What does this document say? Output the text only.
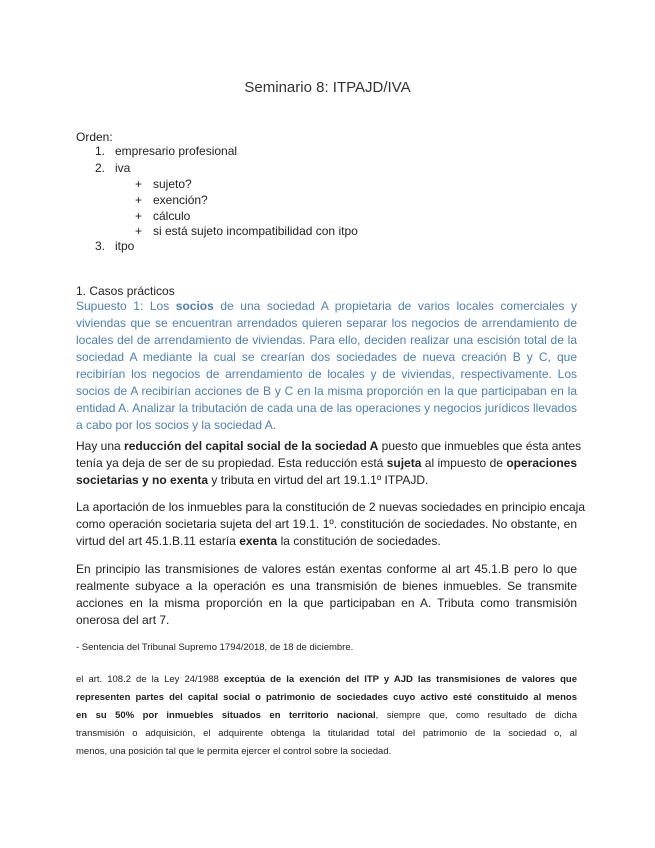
Seminario 8: ITPAJD/IVA
Orden:
1. empresario profesional
2. iva
+ sujeto?
+ exención?
+ cálculo
+ si está sujeto incompatibilidad con itpo
3. itpo
1. Casos prácticos
Supuesto 1: Los socios de una sociedad A propietaria de varios locales comerciales y
viviendas que se encuentran arrendados quieren separar los negocios de arrendamiento de
locales del de arrendamiento de viviendas. Para ello, deciden realizar una escisión total de la
sociedad A mediante la cual se crearían dos sociedades de nueva creación B y C, que
recibirían los negocios de arrendamiento de locales y de viviendas, respectivamente. Los
socios de A recibirían acciones de B y C en la misma proporción en la que participaban en la
entidad A. Analizar la tributación de cada una de las operaciones y negocios jurídicos llevados
a cabo por los socios y la sociedad A.
Hay una reducción del capital social de la sociedad A puesto que inmuebles que ésta antes
tenía ya deja de ser de su propiedad. Esta reducción está sujeta al impuesto de operaciones
societarias y no exenta y tributa en virtud del art 19.1.1º ITPAJD.
La aportación de los inmuebles para la constitución de 2 nuevas sociedades en principio encaja
como operación societaria sujeta del art 19.1. 1º. constitución de sociedades. No obstante, en
virtud del art 45.1.B.11 estaría exenta la constitución de sociedades.
En principio las transmisiones de valores están exentas conforme al art 45.1.B pero lo que
realmente subyace a la operación es una transmisión de bienes inmuebles. Se transmite
acciones en la misma proporción en la que participaban en A. Tributa como transmisión
onerosa del art 7.
- Sentencia del Tribunal Supremo 1794/2018, de 18 de diciembre.
el art. 108.2 de la Ley 24/1988 exceptúa de la exención del ITP y AJD las transmisiones de valores que
representen partes del capital social o patrimonio de sociedades cuyo activo esté constituido al menos
en su 50% por inmuebles situados en territorio nacional, siempre que, como resultado de dicha
transmisión o adquisición, el adquirente obtenga la titularidad total del patrimonio de la sociedad o, al
menos, una posición tal que le permita ejercer el control sobre la sociedad.
